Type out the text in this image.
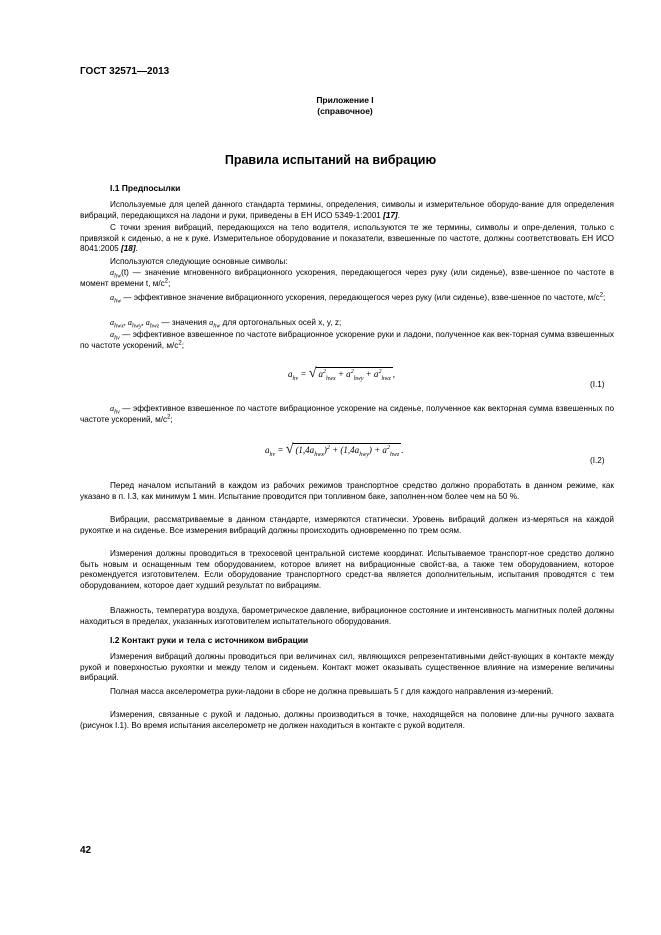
ГОСТ 32571—2013
Приложение I
(справочное)
Правила испытаний на вибрацию
I.1 Предпосылки
Используемые для целей данного стандарта термины, определения, символы и измерительное оборудо-вание для определения вибраций, передающихся на ладони и руки, приведены в ЕН ИСО 5349-1:2001 [17].
С точки зрения вибраций, передающихся на тело водителя, используются те же термины, символы и опре-деления, только с привязкой к сиденью, а не к руке. Измерительное оборудование и показатели, взвешенные по частоте, должны соответствовать ЕН ИСО 8041:2005 [18].
Используются следующие основные символы:
$a_{hw}(t)$ — значение мгновенного вибрационного ускорения, передающегося через руку (или сиденье), взве-шенное по частоте в момент времени t, $м/с^2$;
$a_{hw}$ — эффективное значение вибрационного ускорения, передающегося через руку (или сиденье), взве-шенное по частоте, $м/с^2$;
$a_{hwx}$, $a_{hwy}$, $a_{hwz}$ — значения $a_{hw}$ для ортогональных осей x, y, z;
$a_{hv}$ — эффективное взвешенное по частоте вибрационное ускорение руки и ладони, полученное как век-торная сумма взвешенных по частоте ускорений, $м/с^2$;
$a_{hv}$ = √ $a^2_{hwx} + a^2_{hwy} + a^2_{hwz}$ ,
(I.1)
$a_{hv}$ — эффективное взвешенное по частоте вибрационное ускорение на сиденье, полученное как векторная сумма взвешенных по частоте ускорений, $м/с^2$;
$a_{hv}$ = √ $(1,4a_{hwx})^2 + (1,4a_{hwy}) + a^2_{hwz}$ .
(I.2)
Перед началом испытаний в каждом из рабочих режимов транспортное средство должно проработать в данном режиме, как указано в п. I.3, как минимум 1 мин. Испытание проводится при топливном баке, заполнен-ном более чем на 50 %.
Вибрации, рассматриваемые в данном стандарте, измеряются статически. Уровень вибраций должен из-меряться на каждой рукоятке и на сиденье. Все измерения вибраций должны происходить одновременно по трем осям.
Измерения должны проводиться в трехосевой центральной системе координат. Испытываемое транспорт-ное средство должно быть новым и оснащенным тем оборудованием, которое влияет на вибрационные свойст-ва, а также тем оборудованием, которое рекомендуется изготовителем. Если оборудование транспортного средст-ва является дополнительным, испытания проводятся с тем оборудованием, которое дает худший результат по вибрациям.
Влажность, температура воздуха, барометрическое давление, вибрационное состояние и интенсивность магнитных полей должны находиться в пределах, указанных изготовителем испытательного оборудования.
I.2 Контакт руки и тела с источником вибрации
Измерения вибраций должны проводиться при величинах сил, являющихся репрезентативными дейст-вующих в контакте между рукой и поверхностью рукоятки и между телом и сиденьем. Контакт может оказывать существенное влияние на измерение величины вибраций.
Полная масса акселерометра руки-ладони в сборе не должна превышать 5 г для каждого направления из-мерений.
Измерения, связанные с рукой и ладонью, должны производиться в точке, находящейся на половине дли-ны ручного захвата (рисунок I.1). Во время испытания акселерометр не должен находиться в контакте с рукой водителя.
42
